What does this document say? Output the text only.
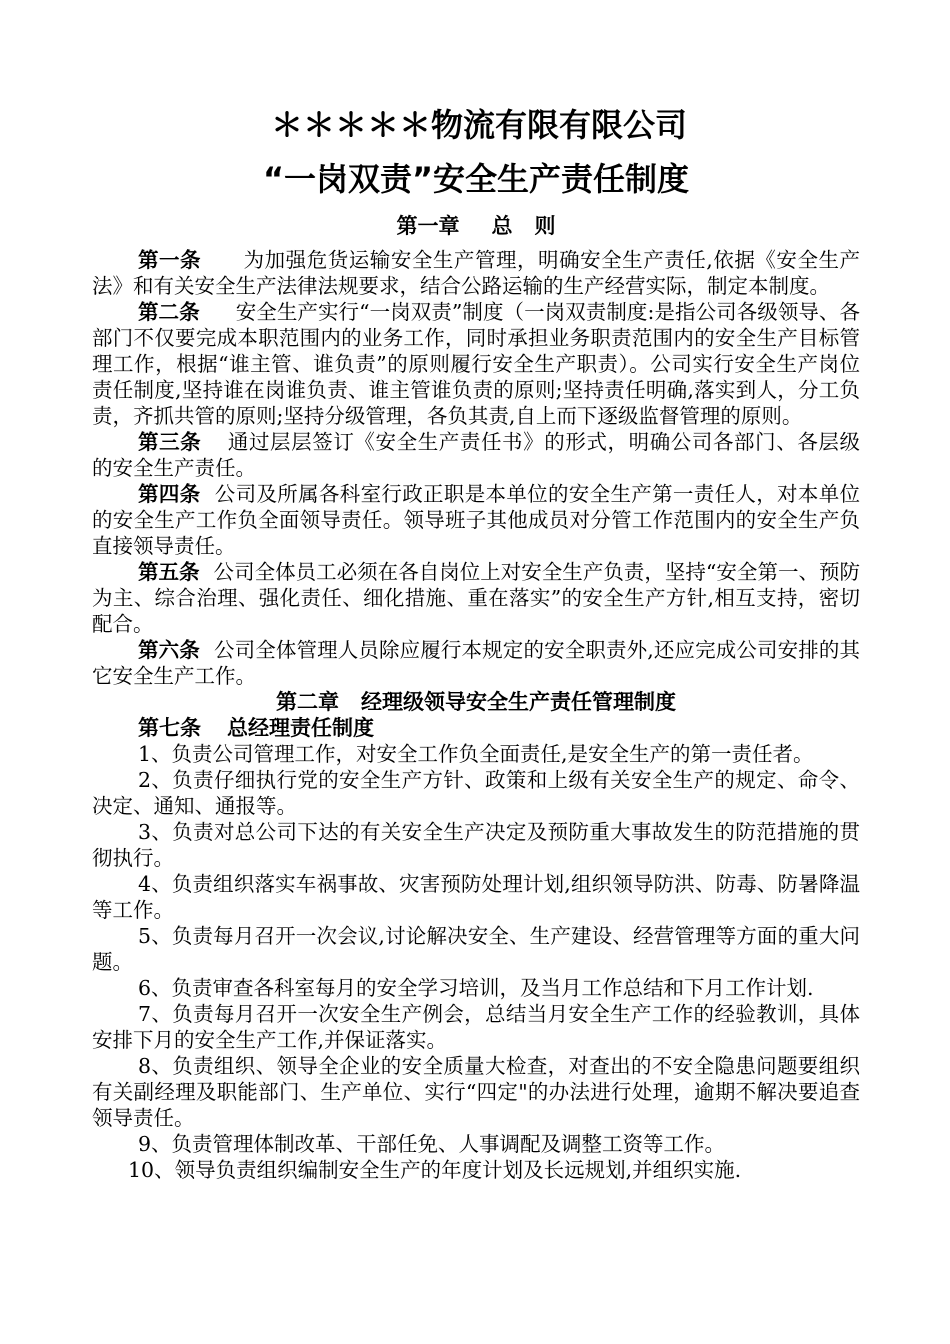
＊＊＊＊＊物流有限有限公司
“一岗双责”安全生产责任制度
第一章 总 则

第一条 为加强危货运输安全生产管理，明确安全生产责任,依据《安全生产法》和有关安全生产法律法规要求，结合公路运输的生产经营实际，制定本制度。

第二条 安全生产实行“一岗双责”制度（一岗双责制度:是指公司各级领导、各部门不仅要完成本职范围内的业务工作，同时承担业务职责范围内的安全生产目标管理工作，根据“谁主管、谁负责”的原则履行安全生产职责）。公司实行安全生产岗位责任制度,坚持谁在岗谁负责、谁主管谁负责的原则;坚持责任明确,落实到人，分工负责，齐抓共管的原则;坚持分级管理，各负其责,自上而下逐级监督管理的原则。

第三条 通过层层签订《安全生产责任书》的形式，明确公司各部门、各层级的安全生产责任。

第四条 公司及所属各科室行政正职是本单位的安全生产第一责任人，对本单位的安全生产工作负全面领导责任。领导班子其他成员对分管工作范围内的安全生产负直接领导责任。

第五条 公司全体员工必须在各自岗位上对安全生产负责，坚持“安全第一、预防为主、综合治理、强化责任、细化措施、重在落实”的安全生产方针,相互支持，密切配合。

第六条 公司全体管理人员除应履行本规定的安全职责外,还应完成公司安排的其它安全生产工作。

第二章 经理级领导安全生产责任管理制度
第七条 总经理责任制度

1、负责公司管理工作，对安全工作负全面责任,是安全生产的第一责任者。

2、负责仔细执行党的安全生产方针、政策和上级有关安全生产的规定、命令、决定、通知、通报等。

3、负责对总公司下达的有关安全生产决定及预防重大事故发生的防范措施的贯彻执行。

4、负责组织落实车祸事故、灾害预防处理计划,组织领导防洪、防毒、防暑降温等工作。

5、负责每月召开一次会议,讨论解决安全、生产建设、经营管理等方面的重大问题。

6、负责审查各科室每月的安全学习培训，及当月工作总结和下月工作计划.

7、负责每月召开一次安全生产例会，总结当月安全生产工作的经验教训，具体安排下月的安全生产工作,并保证落实。

8、负责组织、领导全企业的安全质量大检查，对查出的不安全隐患问题要组织有关副经理及职能部门、生产单位、实行“四定"的办法进行处理，逾期不解决要追查领导责任。

9、负责管理体制改革、干部任免、人事调配及调整工资等工作。

10、领导负责组织编制安全生产的年度计划及长远规划,并组织实施.
